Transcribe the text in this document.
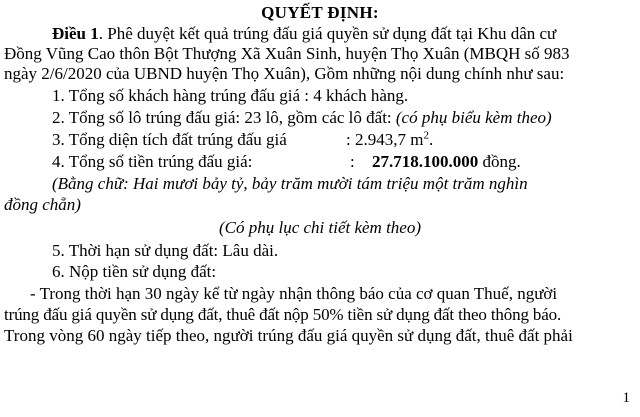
QUYẾT ĐỊNH:
Điều 1. Phê duyệt kết quả trúng đấu giá quyền sử dụng đất tại Khu dân cư
Đồng Vũng Cao thôn Bột Thượng Xã Xuân Sinh, huyện Thọ Xuân (MBQH số 983
ngày 2/6/2020 của UBND huyện Thọ Xuân), Gồm những nội dung chính như sau:
1. Tổng số khách hàng trúng đấu giá : 4 khách hàng.
2. Tổng số lô trúng đấu giá: 23 lô, gồm các lô đất: (có phụ biểu kèm theo)
3. Tổng diện tích đất trúng đấu giá	: 2.943,7 $m^2$.
4. Tổng số tiền trúng đấu giá:	: 27.718.100.000 đồng.
(Bằng chữ: Hai mươi bảy tỷ, bảy trăm mười tám triệu một trăm nghìn
đồng chẵn)
(Có phụ lục chi tiết kèm theo)
5. Thời hạn sử dụng đất: Lâu dài.
6. Nộp tiền sử dụng đất:
- Trong thời hạn 30 ngày kể từ ngày nhận thông báo của cơ quan Thuế, người
trúng đấu giá quyền sử dụng đất, thuê đất nộp 50% tiền sử dụng đất theo thông báo.
Trong vòng 60 ngày tiếp theo, người trúng đấu giá quyền sử dụng đất, thuê đất phải
1
